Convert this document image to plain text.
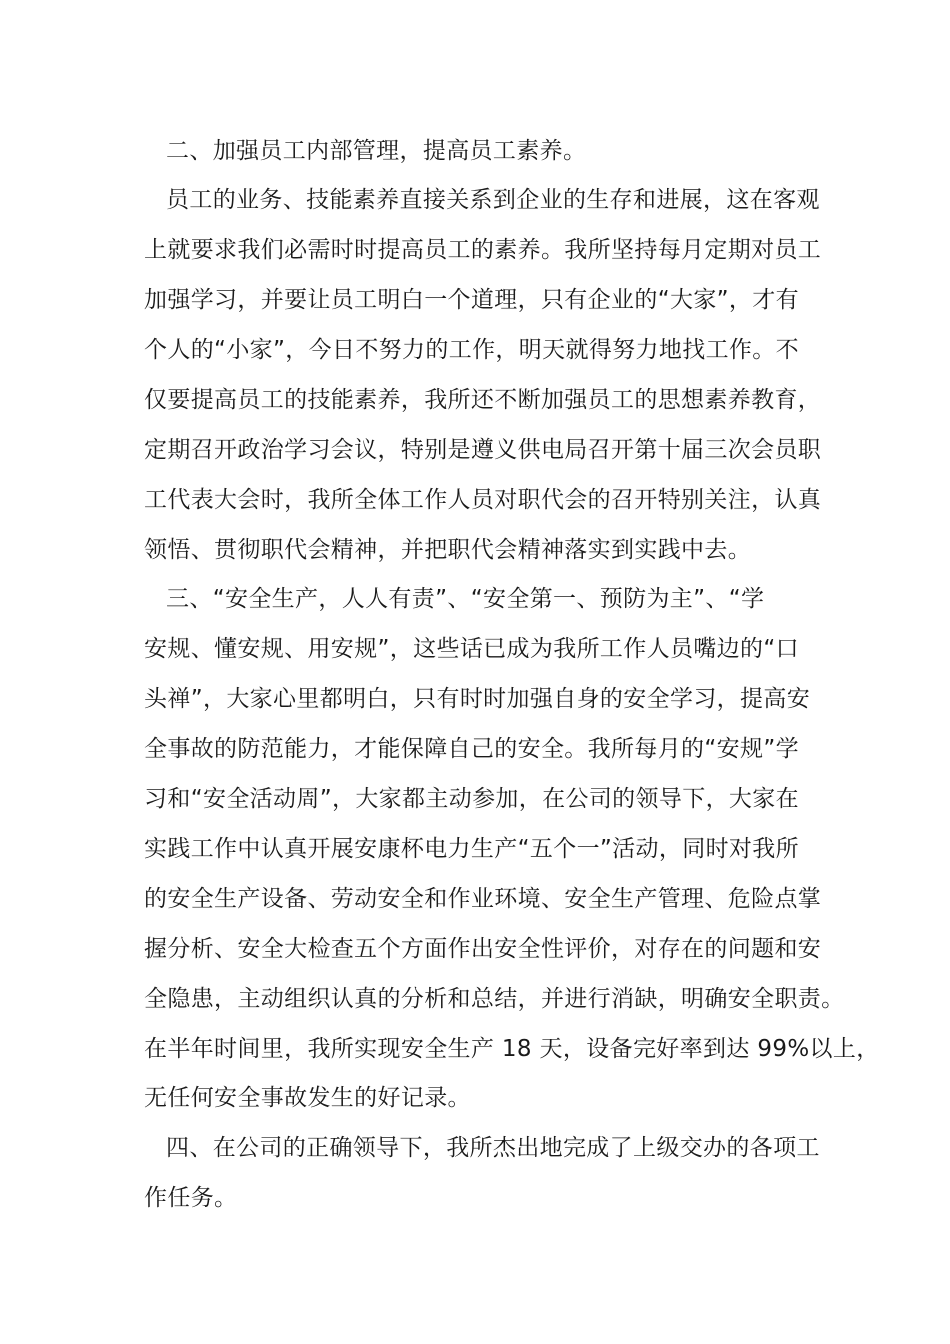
二、加强员工内部管理，提高员工素养。
员工的业务、技能素养直接关系到企业的生存和进展，这在客观
上就要求我们必需时时提高员工的素养。我所坚持每月定期对员工
加强学习，并要让员工明白一个道理，只有企业的“大家”，才有
个人的“小家”，今日不努力的工作，明天就得努力地找工作。不
仅要提高员工的技能素养，我所还不断加强员工的思想素养教育，
定期召开政治学习会议，特别是遵义供电局召开第十届三次会员职
工代表大会时，我所全体工作人员对职代会的召开特别关注，认真
领悟、贯彻职代会精神，并把职代会精神落实到实践中去。
三、“安全生产，人人有责”、“安全第一、预防为主”、“学
安规、懂安规、用安规”，这些话已成为我所工作人员嘴边的“口
头禅”，大家心里都明白，只有时时加强自身的安全学习，提高安
全事故的防范能力，才能保障自己的安全。我所每月的“安规”学
习和“安全活动周”，大家都主动参加，在公司的领导下，大家在
实践工作中认真开展安康杯电力生产“五个一”活动，同时对我所
的安全生产设备、劳动安全和作业环境、安全生产管理、危险点掌
握分析、安全大检查五个方面作出安全性评价，对存在的问题和安
全隐患，主动组织认真的分析和总结，并进行消缺，明确安全职责。
在半年时间里，我所实现安全生产 18 天，设备完好率到达 99%以上，
无任何安全事故发生的好记录。
四、在公司的正确领导下，我所杰出地完成了上级交办的各项工
作任务。
